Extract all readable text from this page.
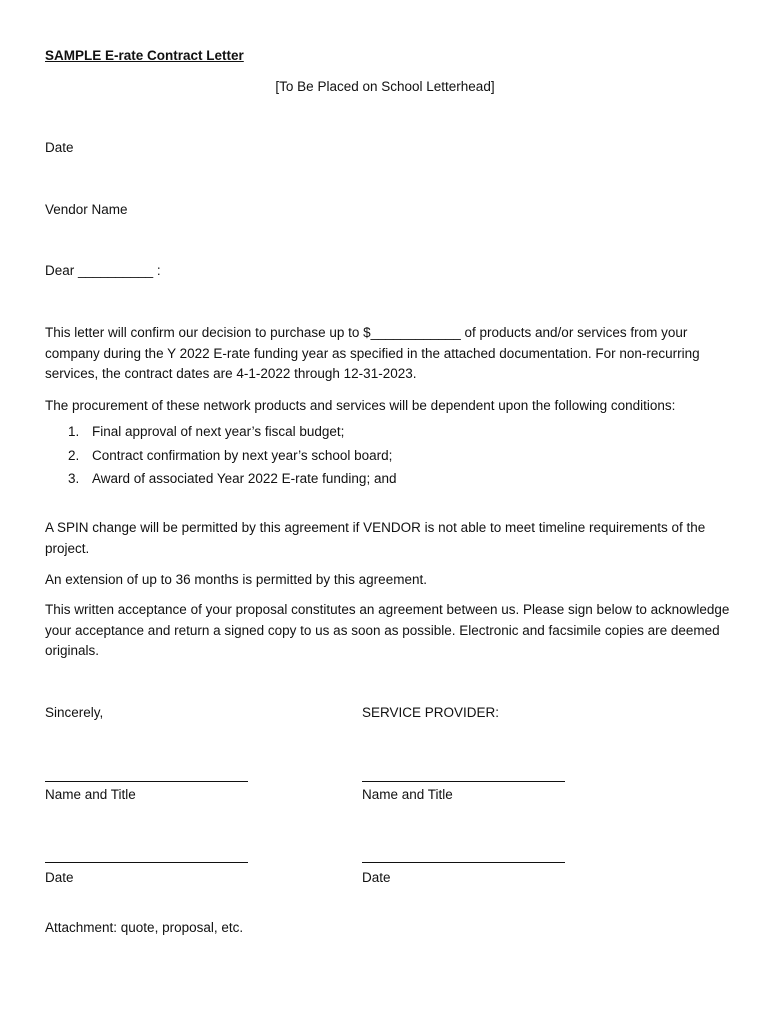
SAMPLE E-rate Contract Letter
[To Be Placed on School Letterhead]
Date
Vendor Name
Dear __________ :
This letter will confirm our decision to purchase up to $____________ of products and/or services from your company during the Y 2022 E-rate funding year as specified in the attached documentation. For non-recurring services, the contract dates are 4-1-2022 through 12-31-2023.
The procurement of these network products and services will be dependent upon the following conditions:
1. Final approval of next year’s fiscal budget;
2. Contract confirmation by next year’s school board;
3. Award of associated Year 2022 E-rate funding; and
A SPIN change will be permitted by this agreement if VENDOR is not able to meet timeline requirements of the project.
An extension of up to 36 months is permitted by this agreement.
This written acceptance of your proposal constitutes an agreement between us. Please sign below to acknowledge your acceptance and return a signed copy to us as soon as possible. Electronic and facsimile copies are deemed originals.
Sincerely,	SERVICE PROVIDER:
Name and Title	Name and Title
Date	Date
Attachment: quote, proposal, etc.
